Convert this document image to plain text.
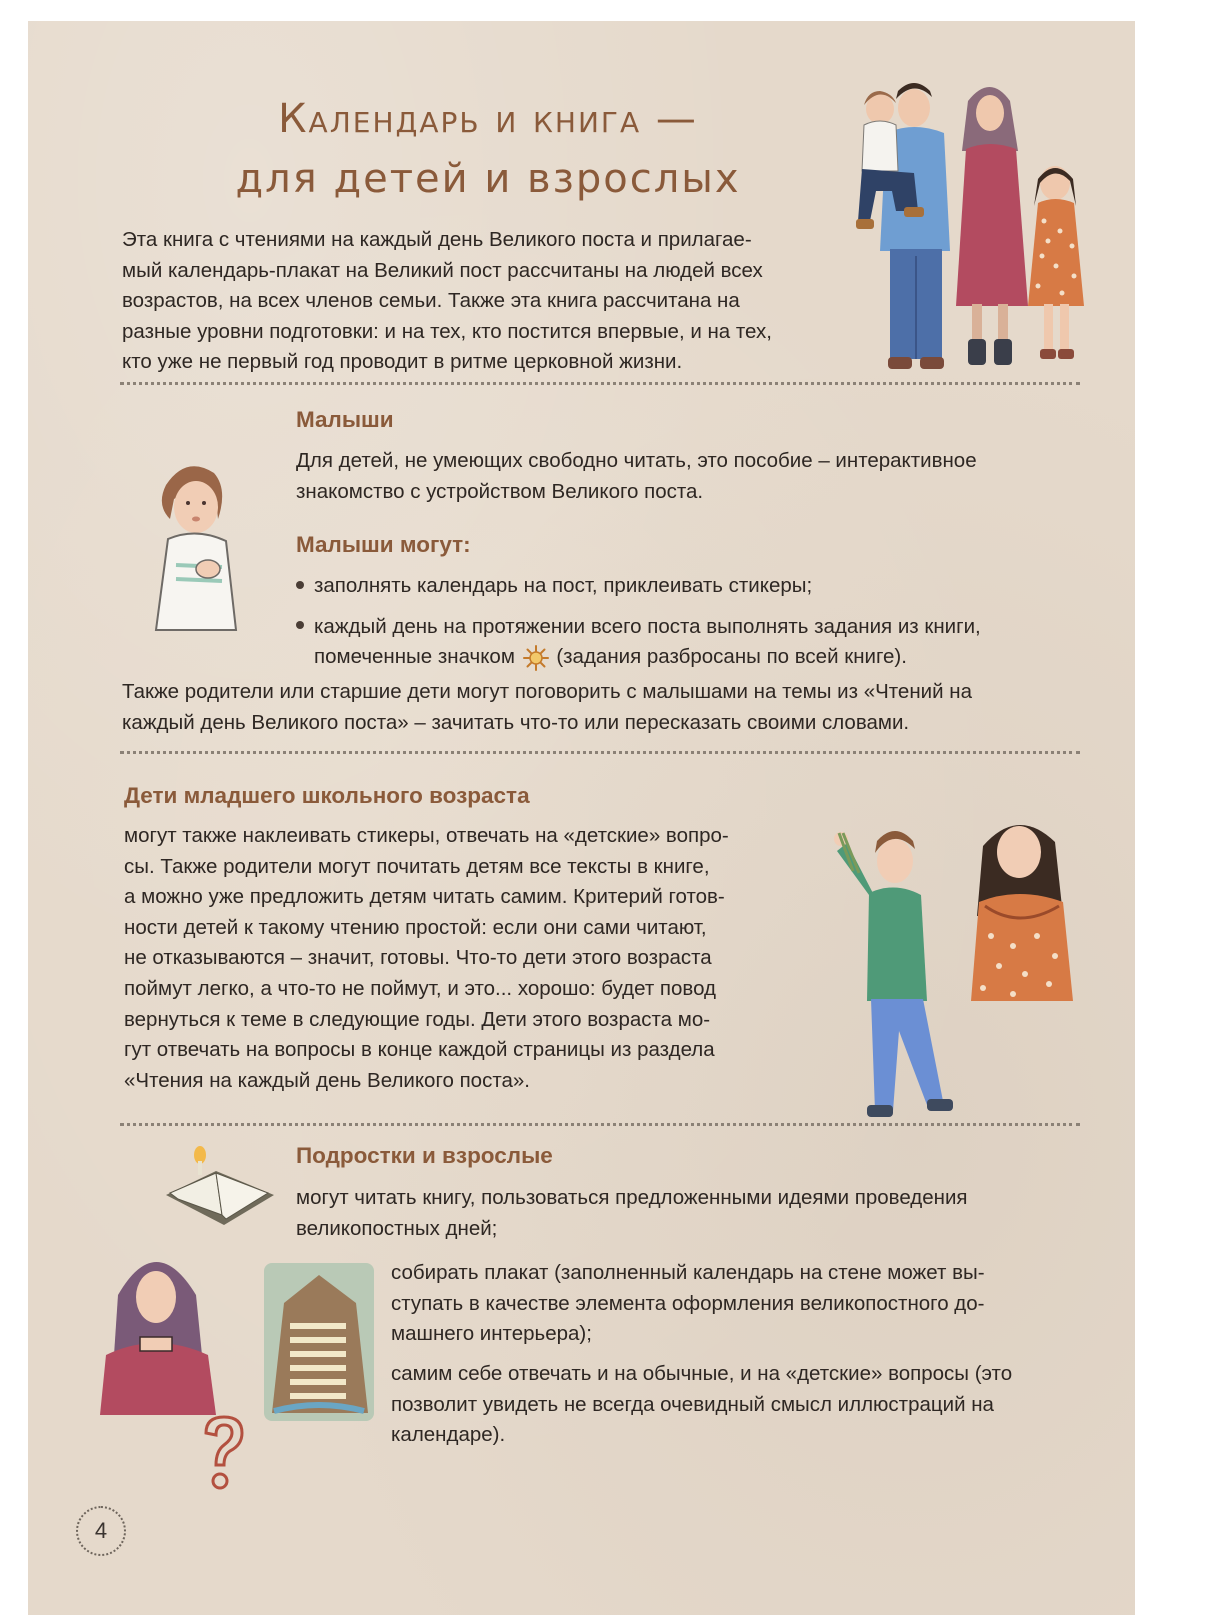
Календарь и книга —
для детей и взрослых
Эта книга с чтениями на каждый день Великого поста и прилагае-
мый календарь-плакат на Великий пост рассчитаны на людей всех
возрастов, на всех членов семьи. Также эта книга рассчитана на
разные уровни подготовки: и на тех, кто постится впервые, и на тех,
кто уже не первый год проводит в ритме церковной жизни.
Малыши
Для детей, не умеющих свободно читать, это пособие – интерактивное
знакомство с устройством Великого поста.
Малыши могут:
заполнять календарь на пост, приклеивать стикеры;
каждый день на протяжении всего поста выполнять задания из книги,
помеченные значком (задания разбросаны по всей книге).
Также родители или старшие дети могут поговорить с малышами на темы из «Чтений на
каждый день Великого поста» – зачитать что-то или пересказать своими словами.
Дети младшего школьного возраста
могут также наклеивать стикеры, отвечать на «детские» вопро-
сы. Также родители могут почитать детям все тексты в книге,
а можно уже предложить детям читать самим. Критерий готов-
ности детей к такому чтению простой: если они сами читают,
не отказываются – значит, готовы. Что-то дети этого возраста
поймут легко, а что-то не поймут, и это... хорошо: будет повод
вернуться к теме в следующие годы. Дети этого возраста мо-
гут отвечать на вопросы в конце каждой страницы из раздела
«Чтения на каждый день Великого поста».
Подростки и взрослые
могут читать книгу, пользоваться предложенными идеями проведения
великопостных дней;
собирать плакат (заполненный календарь на стене может вы-
ступать в качестве элемента оформления великопостного до-
машнего интерьера);
самим себе отвечать и на обычные, и на «детские» вопросы (это
позволит увидеть не всегда очевидный смысл иллюстраций на
календаре).
4
